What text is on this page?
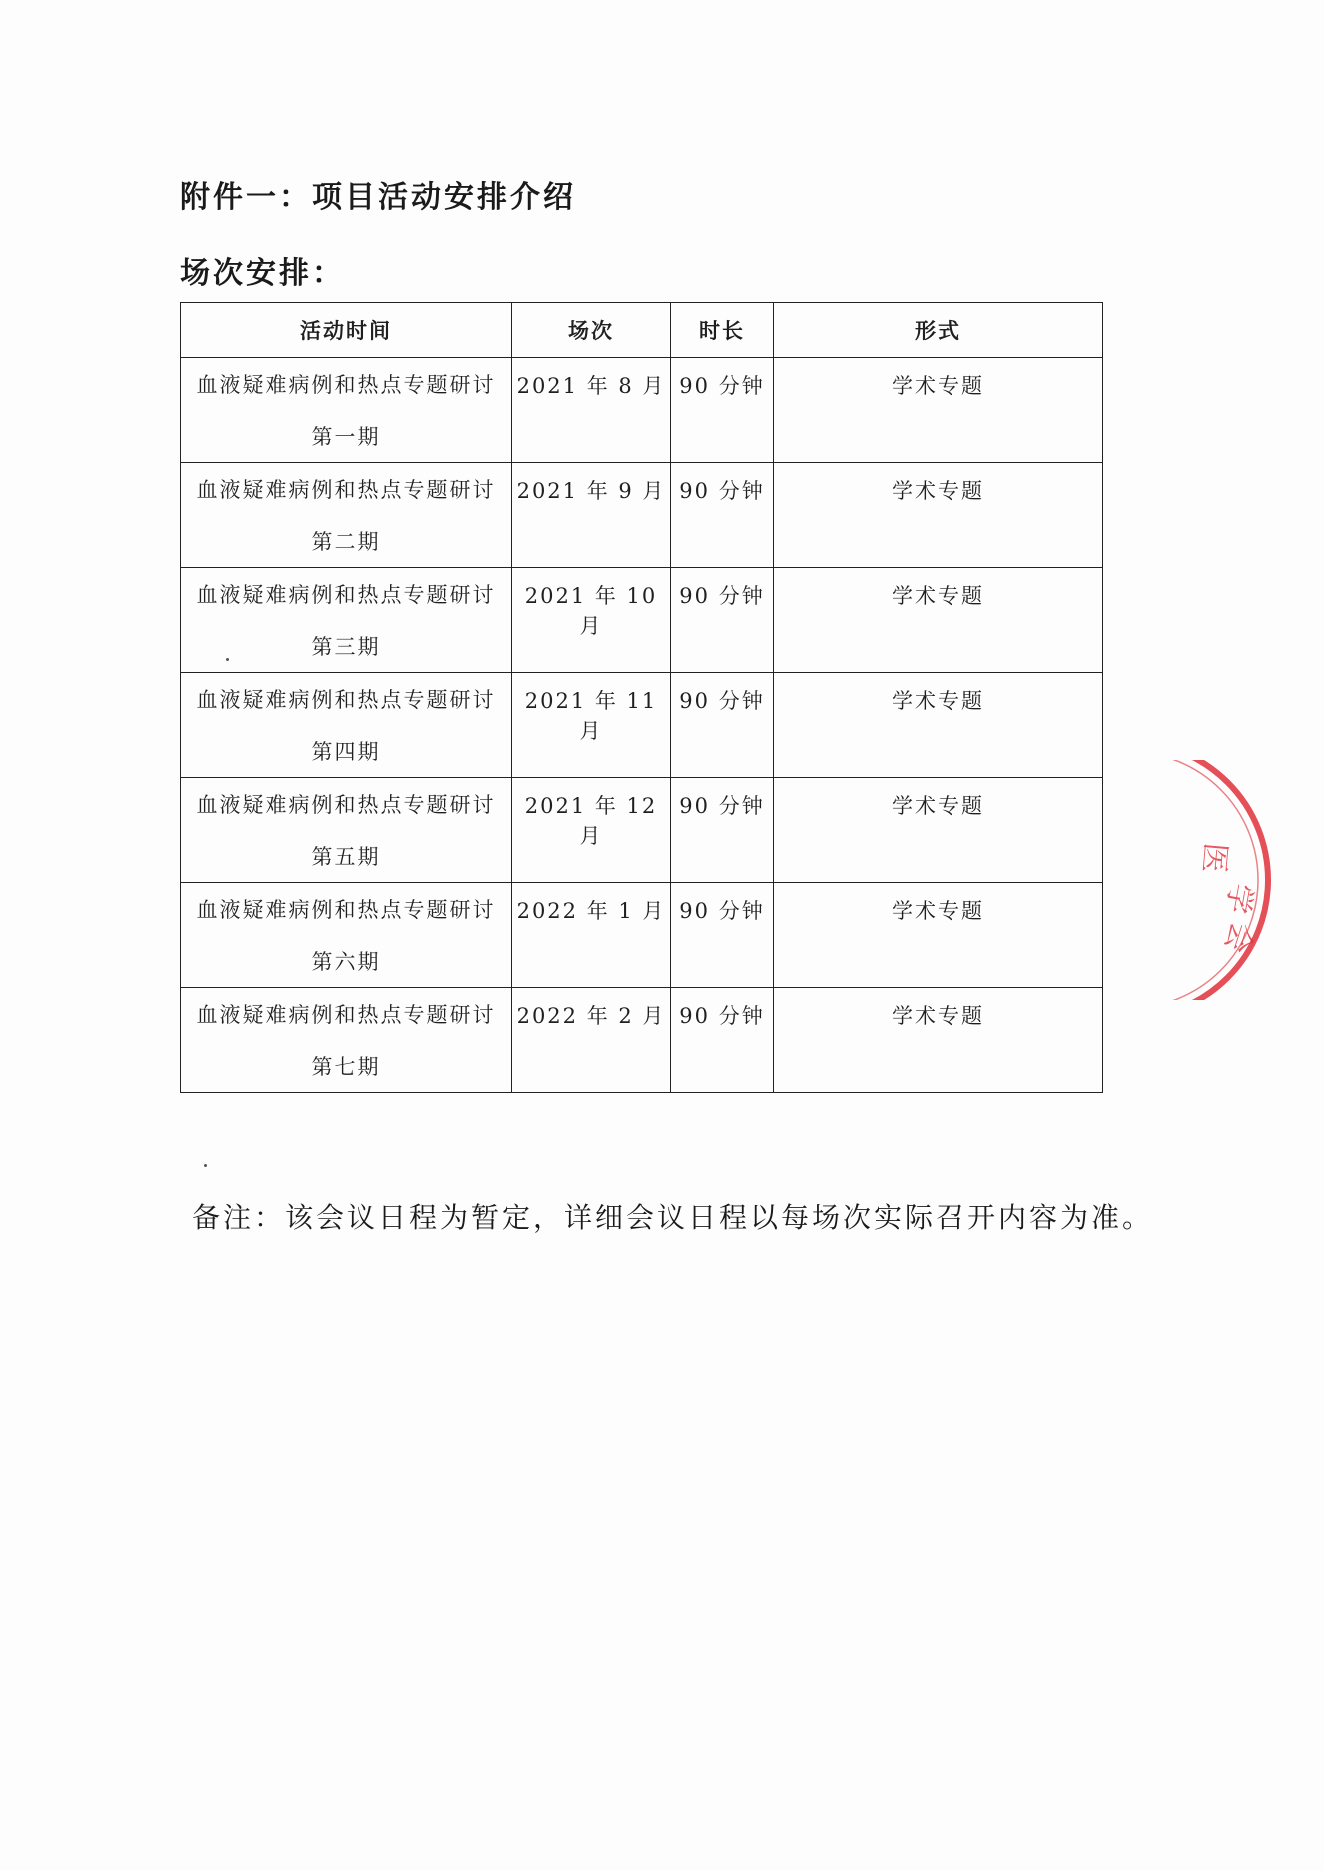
附件一：项目活动安排介绍
场次安排：
活动时间	场次	时长	形式

血液疑难病例和热点专题研讨
第一期	2021 年 8 月	90 分钟	学术专题

血液疑难病例和热点专题研讨
第二期	2021 年 9 月	90 分钟	学术专题

血液疑难病例和热点专题研讨
第三期	2021 年 10 月	90 分钟	学术专题

血液疑难病例和热点专题研讨
第四期	2021 年 11 月	90 分钟	学术专题

血液疑难病例和热点专题研讨
第五期	2021 年 12 月	90 分钟	学术专题

血液疑难病例和热点专题研讨
第六期	2022 年 1 月	90 分钟	学术专题

血液疑难病例和热点专题研讨
第七期	2022 年 2 月	90 分钟	学术专题
备注：该会议日程为暂定，详细会议日程以每场次实际召开内容为准。
医
学
会
